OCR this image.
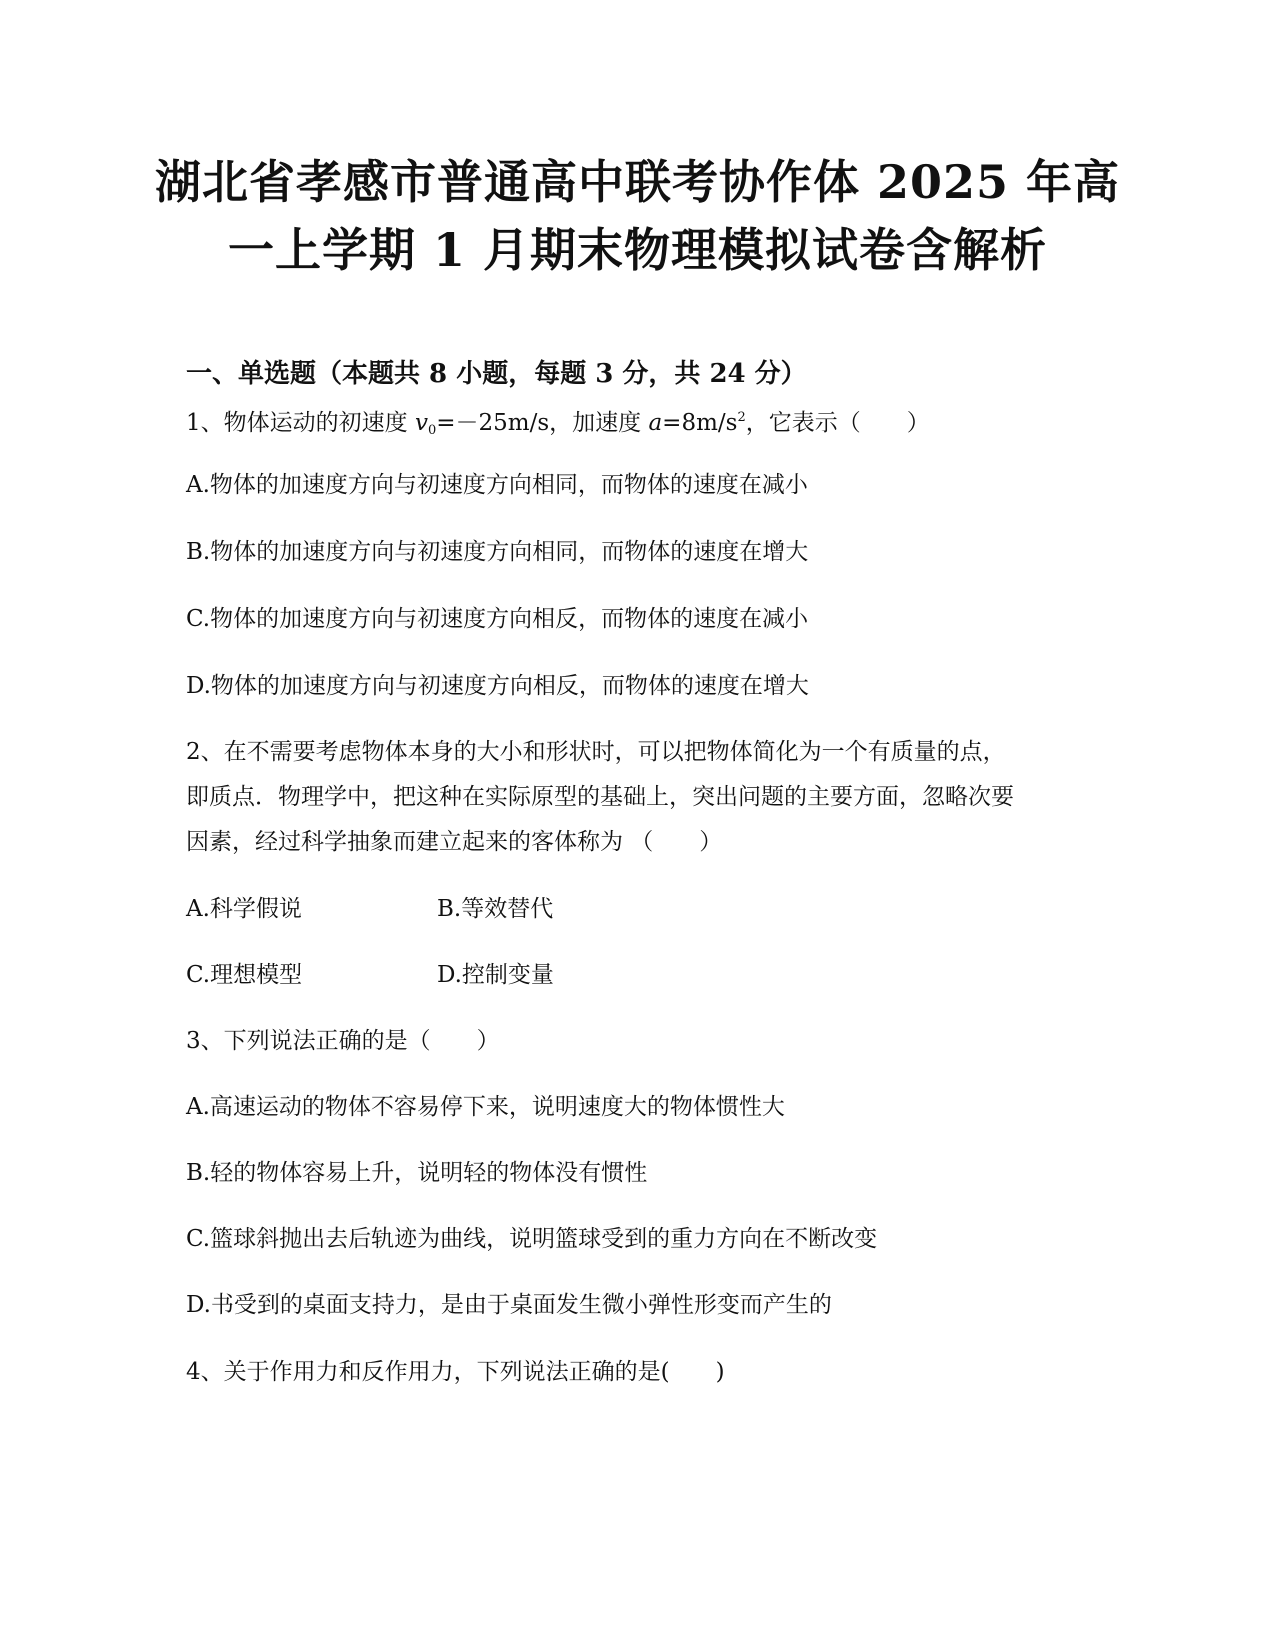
湖北省孝感市普通高中联考协作体 2025 年高
一上学期 1 月期末物理模拟试卷含解析
一、单选题（本题共 8 小题，每题 3 分，共 24 分）
1、物体运动的初速度 $v_0=-25m/s$，加速度 $a=8m/s^2$，它表示（　　）
A.物体的加速度方向与初速度方向相同，而物体的速度在减小
B.物体的加速度方向与初速度方向相同，而物体的速度在增大
C.物体的加速度方向与初速度方向相反，而物体的速度在减小
D.物体的加速度方向与初速度方向相反，而物体的速度在增大
2、在不需要考虑物体本身的大小和形状时，可以把物体简化为一个有质量的点，
即质点．物理学中，把这种在实际原型的基础上，突出问题的主要方面，忽略次要
因素，经过科学抽象而建立起来的客体称为 （　　）
A.科学假说	B.等效替代
C.理想模型	D.控制变量
3、下列说法正确的是（　　）
A.高速运动的物体不容易停下来，说明速度大的物体惯性大
B.轻的物体容易上升，说明轻的物体没有惯性
C.篮球斜抛出去后轨迹为曲线，说明篮球受到的重力方向在不断改变
D.书受到的桌面支持力，是由于桌面发生微小弹性形变而产生的
4、关于作用力和反作用力，下列说法正确的是(　　)
